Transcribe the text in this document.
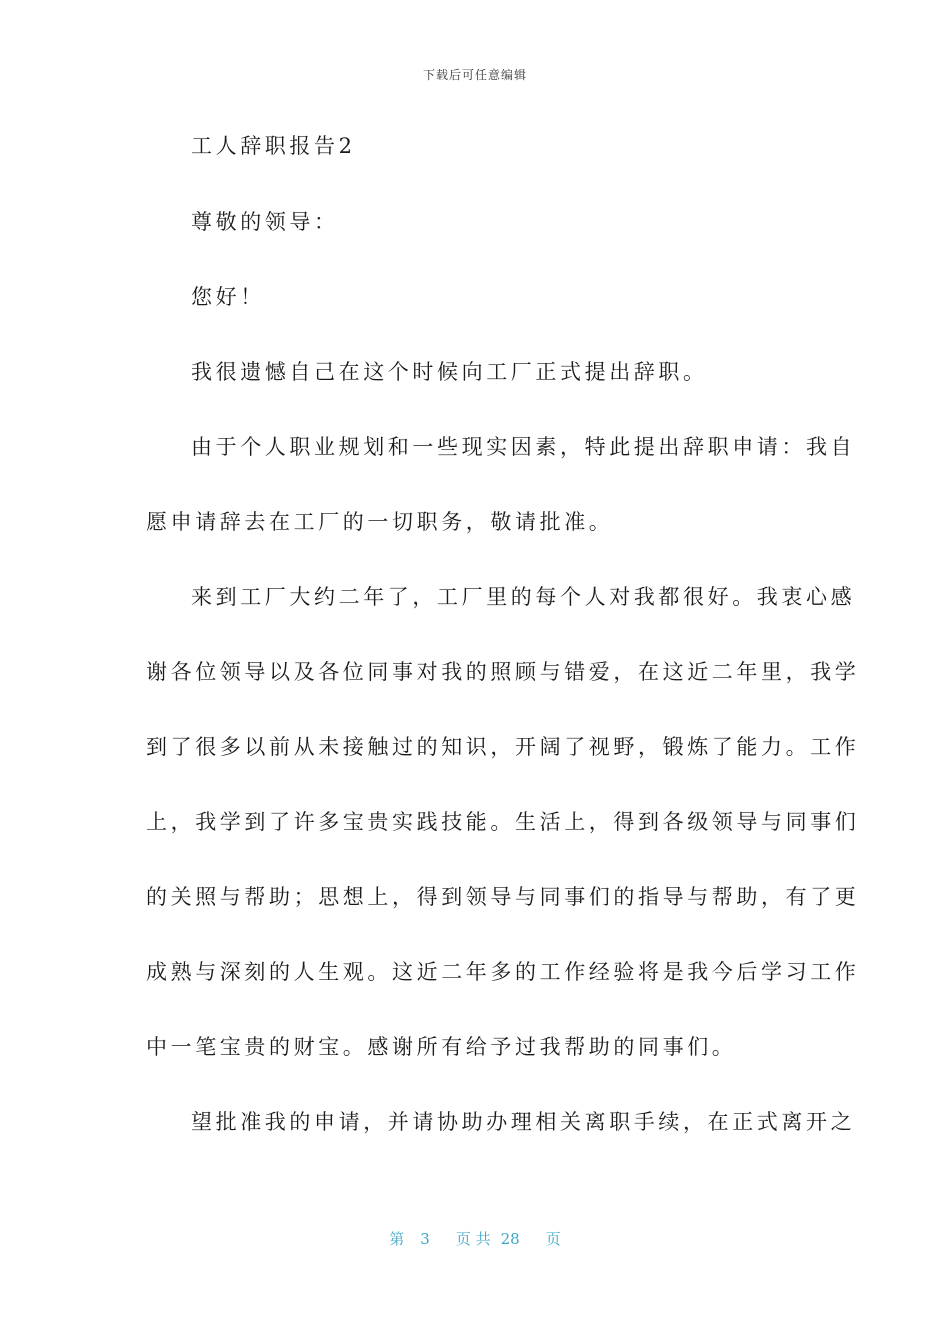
下载后可任意编辑
工人辞职报告2
尊敬的领导：
您好！
我很遗憾自己在这个时候向工厂正式提出辞职。
由于个人职业规划和一些现实因素，特此提出辞职申请：我自
愿申请辞去在工厂的一切职务，敬请批准。
来到工厂大约二年了，工厂里的每个人对我都很好。我衷心感
谢各位领导以及各位同事对我的照顾与错爱，在这近二年里，我学
到了很多以前从未接触过的知识，开阔了视野，锻炼了能力。工作
上，我学到了许多宝贵实践技能。生活上，得到各级领导与同事们
的关照与帮助；思想上，得到领导与同事们的指导与帮助，有了更
成熟与深刻的人生观。这近二年多的工作经验将是我今后学习工作
中一笔宝贵的财宝。感谢所有给予过我帮助的同事们。
望批准我的申请，并请协助办理相关离职手续，在正式离开之
第 3 页 共 28 页
